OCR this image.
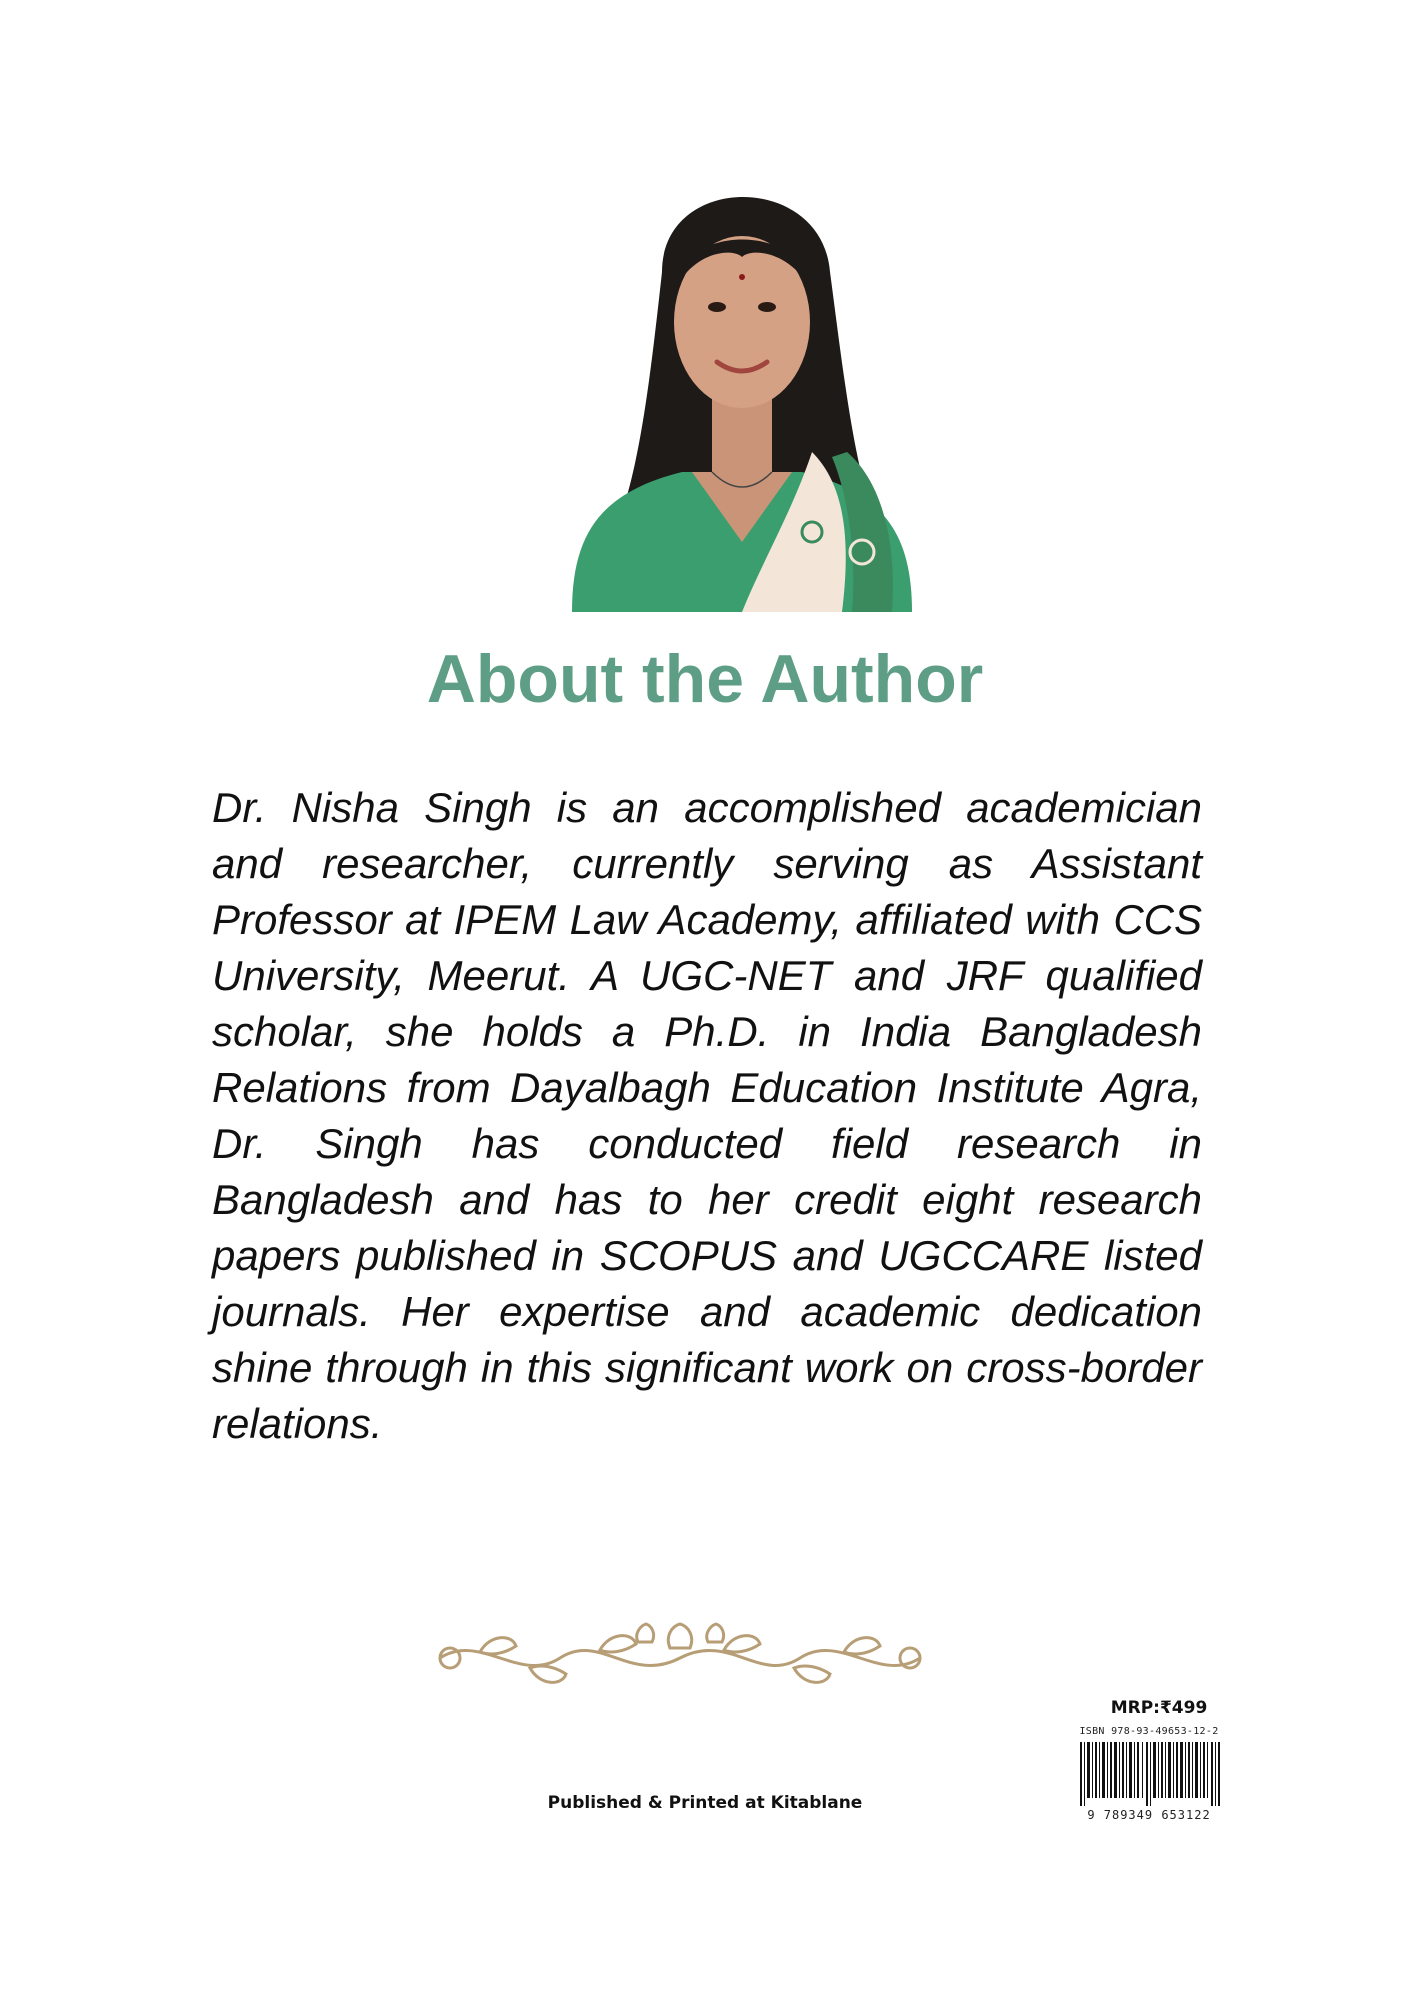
About the Author

Dr. Nisha Singh is an accomplished academician and researcher, currently serving as Assistant Professor at IPEM Law Academy, affiliated with CCS University, Meerut. A UGC-NET and JRF qualified scholar, she holds a Ph.D. in India Bangladesh Relations from Dayalbagh Education Institute Agra, Dr. Singh has conducted field research in Bangladesh and has to her credit eight research papers published in SCOPUS and UGCCARE listed journals. Her expertise and academic dedication shine through in this significant work on cross-border relations.

MRP:₹499
ISBN 978-93-49653-12-2
9 789349 653122
Published & Printed at Kitablane
